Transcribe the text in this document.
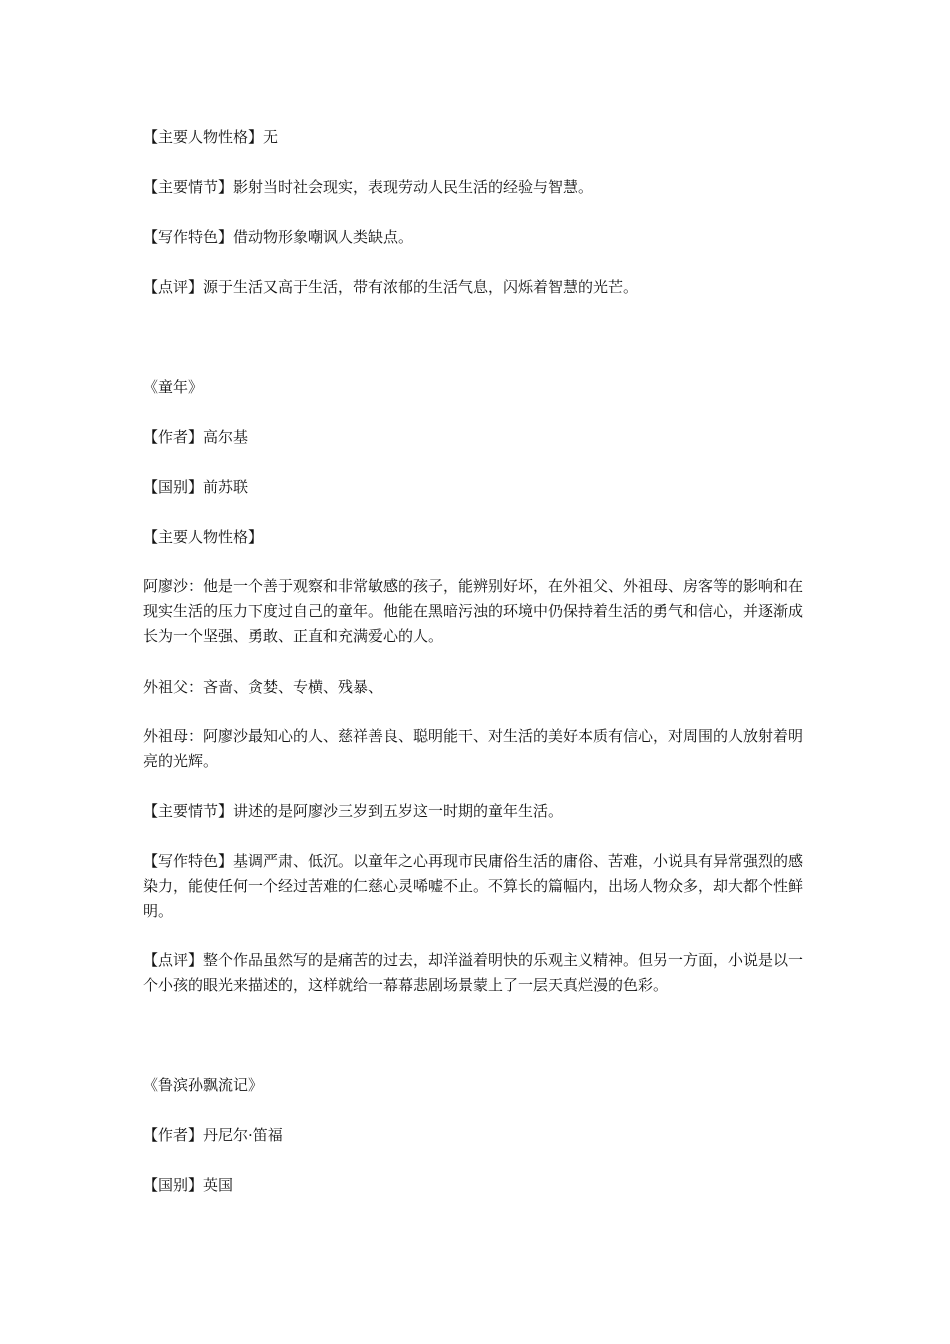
【主要人物性格】无
【主要情节】影射当时社会现实，表现劳动人民生活的经验与智慧。
【写作特色】借动物形象嘲讽人类缺点。
【点评】源于生活又高于生活，带有浓郁的生活气息，闪烁着智慧的光芒。
《童年》
【作者】高尔基
【国别】前苏联
【主要人物性格】
阿廖沙：他是一个善于观察和非常敏感的孩子，能辨别好坏，在外祖父、外祖母、房客等的影响和在现实生活的压力下度过自己的童年。他能在黑暗污浊的环境中仍保持着生活的勇气和信心，并逐渐成长为一个坚强、勇敢、正直和充满爱心的人。
外祖父：吝啬、贪婪、专横、残暴、
外祖母：阿廖沙最知心的人、慈祥善良、聪明能干、对生活的美好本质有信心，对周围的人放射着明亮的光辉。
【主要情节】讲述的是阿廖沙三岁到五岁这一时期的童年生活。
【写作特色】基调严肃、低沉。以童年之心再现市民庸俗生活的庸俗、苦难，小说具有异常强烈的感染力，能使任何一个经过苦难的仁慈心灵唏嘘不止。不算长的篇幅内，出场人物众多，却大都个性鲜明。
【点评】整个作品虽然写的是痛苦的过去，却洋溢着明快的乐观主义精神。但另一方面，小说是以一个小孩的眼光来描述的，这样就给一幕幕悲剧场景蒙上了一层天真烂漫的色彩。
《鲁滨孙飘流记》
【作者】丹尼尔·笛福
【国别】英国
